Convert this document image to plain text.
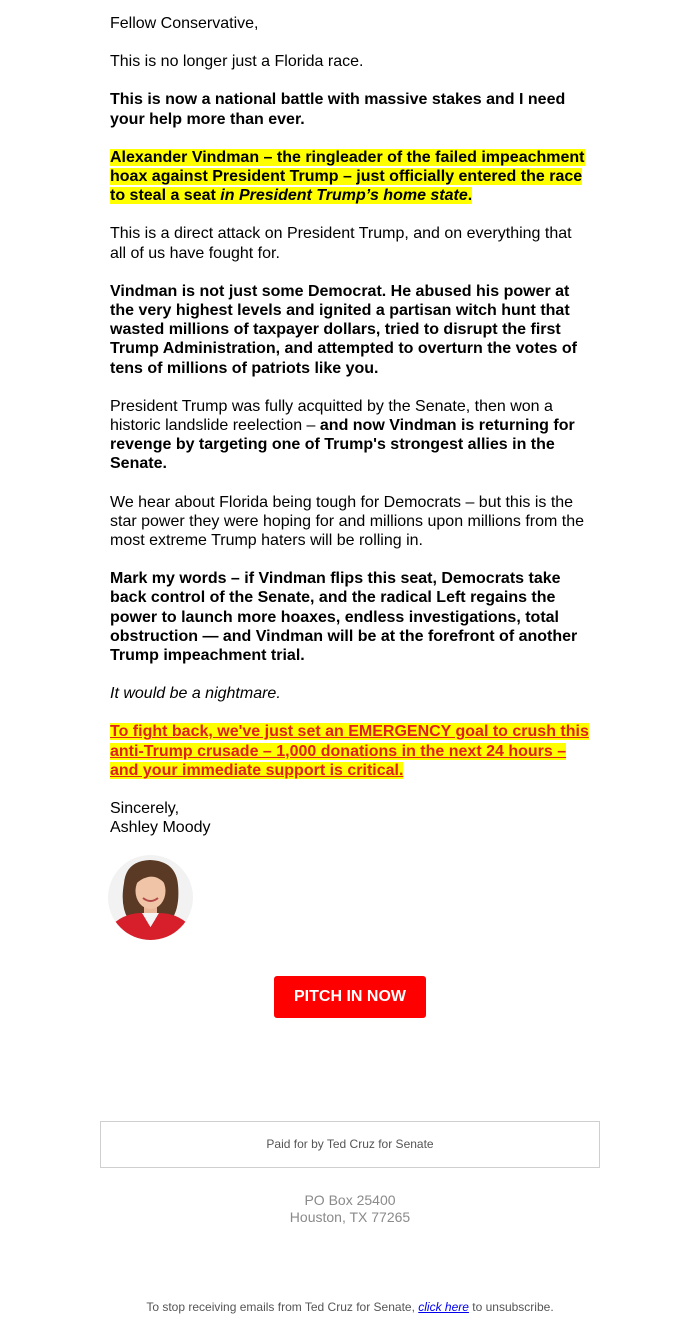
Fellow Conservative,

This is no longer just a Florida race.

This is now a national battle with massive stakes and I need your help more than ever.

Alexander Vindman – the ringleader of the failed impeachment hoax against President Trump – just officially entered the race to steal a seat in President Trump’s home state.

This is a direct attack on President Trump, and on everything that all of us have fought for.

Vindman is not just some Democrat. He abused his power at the very highest levels and ignited a partisan witch hunt that wasted millions of taxpayer dollars, tried to disrupt the first Trump Administration, and attempted to overturn the votes of tens of millions of patriots like you.

President Trump was fully acquitted by the Senate, then won a historic landslide reelection – and now Vindman is returning for revenge by targeting one of Trump's strongest allies in the Senate.

We hear about Florida being tough for Democrats – but this is the star power they were hoping for and millions upon millions from the most extreme Trump haters will be rolling in.

Mark my words – if Vindman flips this seat, Democrats take back control of the Senate, and the radical Left regains the power to launch more hoaxes, endless investigations, total obstruction — and Vindman will be at the forefront of another Trump impeachment trial.

It would be a nightmare.

To fight back, we've just set an EMERGENCY goal to crush this anti-Trump crusade – 1,000 donations in the next 24 hours – and your immediate support is critical.

Sincerely,
Ashley Moody

PITCH IN NOW
Paid for by Ted Cruz for Senate
PO Box 25400
Houston, TX 77265
To stop receiving emails from Ted Cruz for Senate, click here to unsubscribe.
